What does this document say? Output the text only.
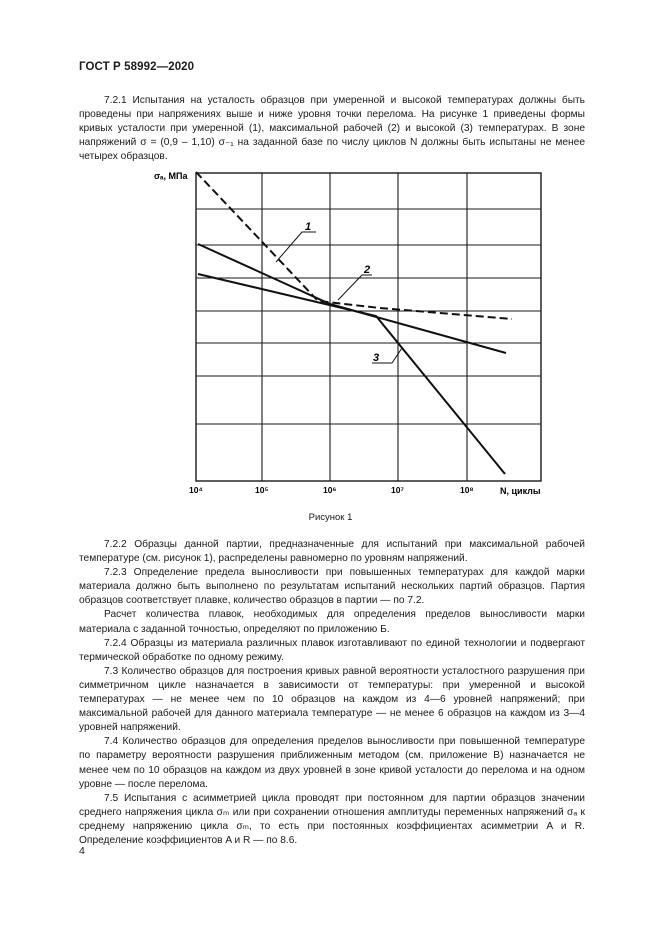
ГОСТ Р 58992—2020

7.2.1 Испытания на усталость образцов при умеренной и высокой температурах должны быть проведены при напряжениях выше и ниже уровня точки перелома. На рисунке 1 приведены формы кривых усталости при умеренной (1), максимальной рабочей (2) и высокой (3) температурах. В зоне напряжений σ = (0,9 – 1,10) σ₋₁ на заданной базе по числу циклов N должны быть испытаны не менее четырех образцов.

1
2
3
σₐ, МПа
N, циклы
10⁴	10⁵	10⁶	10⁷	10⁸
Рисунок 1

7.2.2 Образцы данной партии, предназначенные для испытаний при максимальной рабочей температуре (см. рисунок 1), распределены равномерно по уровням напряжений.

7.2.3 Определение предела выносливости при повышенных температурах для каждой марки материала должно быть выполнено по результатам испытаний нескольких партий образцов. Партия образцов соответствует плавке, количество образцов в партии — по 7.2.

Расчет количества плавок, необходимых для определения пределов выносливости марки материала с заданной точностью, определяют по приложению Б.

7.2.4 Образцы из материала различных плавок изготавливают по единой технологии и подвергают термической обработке по одному режиму.

7.3 Количество образцов для построения кривых равной вероятности усталостного разрушения при симметричном цикле назначается в зависимости от температуры: при умеренной и высокой температурах — не менее чем по 10 образцов на каждом из 4—6 уровней напряжений; при максимальной рабочей для данного материала температуре — не менее 6 образцов на каждом из 3—4 уровней напряжений.

7.4 Количество образцов для определения пределов выносливости при повышенной температуре по параметру вероятности разрушения приближенным методом (см. приложение В) назначается не менее чем по 10 образцов на каждом из двух уровней в зоне кривой усталости до перелома и на одном уровне — после перелома.

7.5 Испытания с асимметрией цикла проводят при постоянном для партии образцов значении среднего напряжения цикла σₘ или при сохранении отношения амплитуды переменных напряжений σₐ к среднему напряжению цикла σₘ, то есть при постоянных коэффициентах асимметрии A и R. Определение коэффициентов A и R — по 8.6.

4
